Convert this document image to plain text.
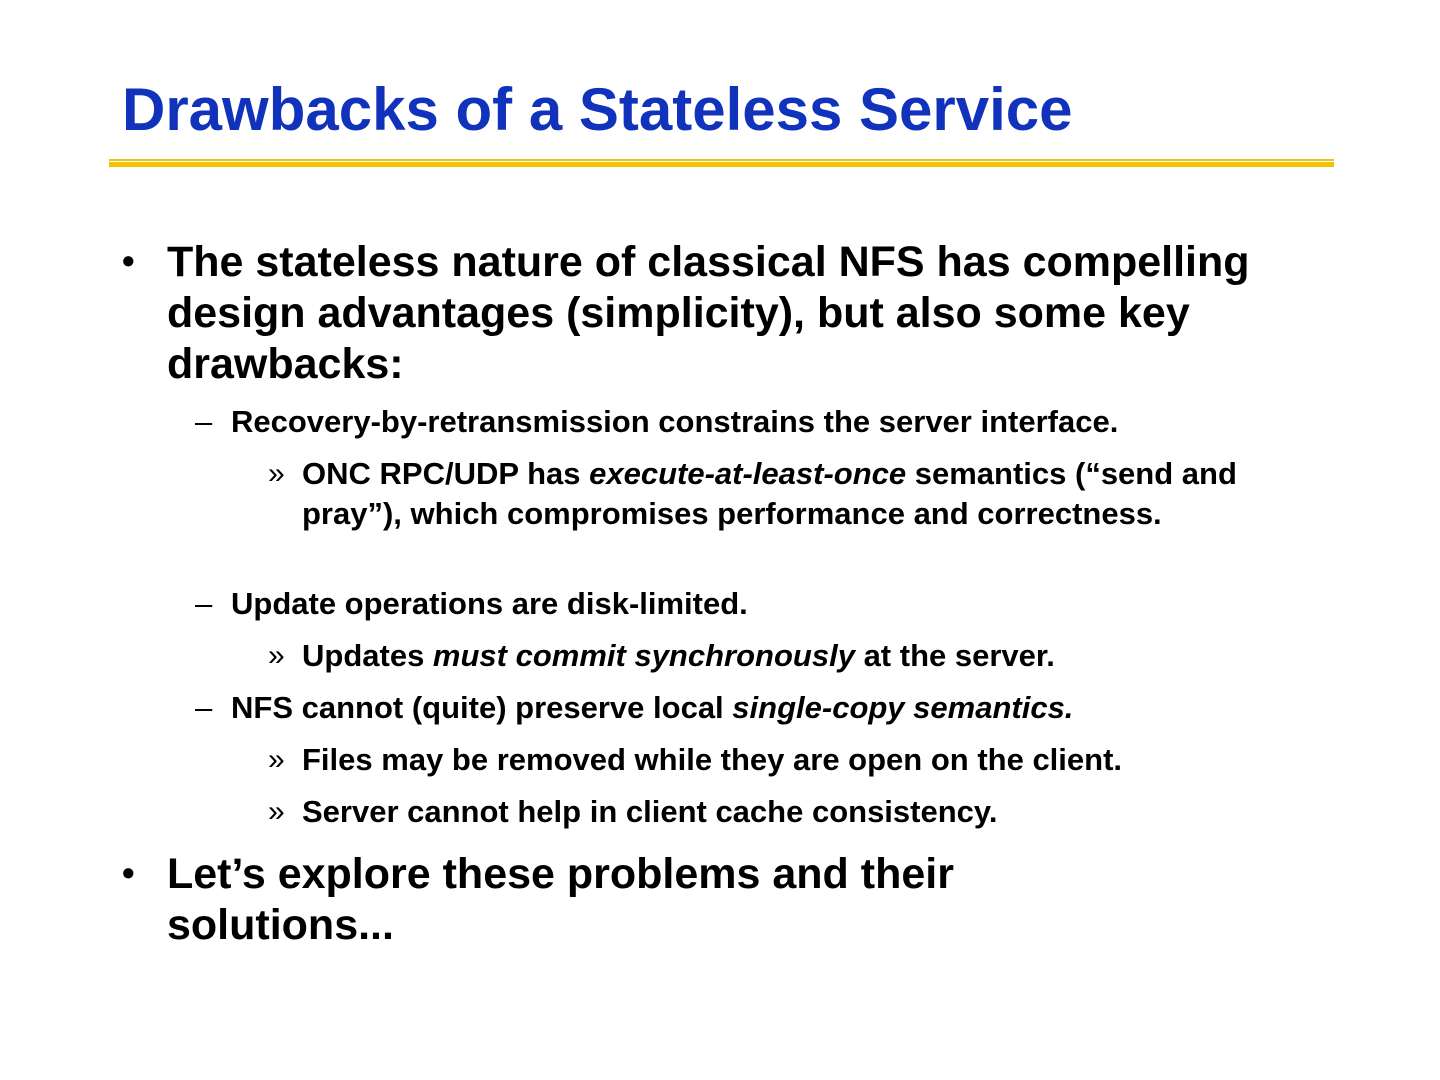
Drawbacks of a Stateless Service
• The stateless nature of classical NFS has compelling design advantages (simplicity), but also some key drawbacks:
– Recovery-by-retransmission constrains the server interface.
» ONC RPC/UDP has execute-at-least-once semantics (“send and pray”), which compromises performance and correctness.
– Update operations are disk-limited.
» Updates must commit synchronously at the server.
– NFS cannot (quite) preserve local single-copy semantics.
» Files may be removed while they are open on the client.
» Server cannot help in client cache consistency.
• Let’s explore these problems and their solutions...
